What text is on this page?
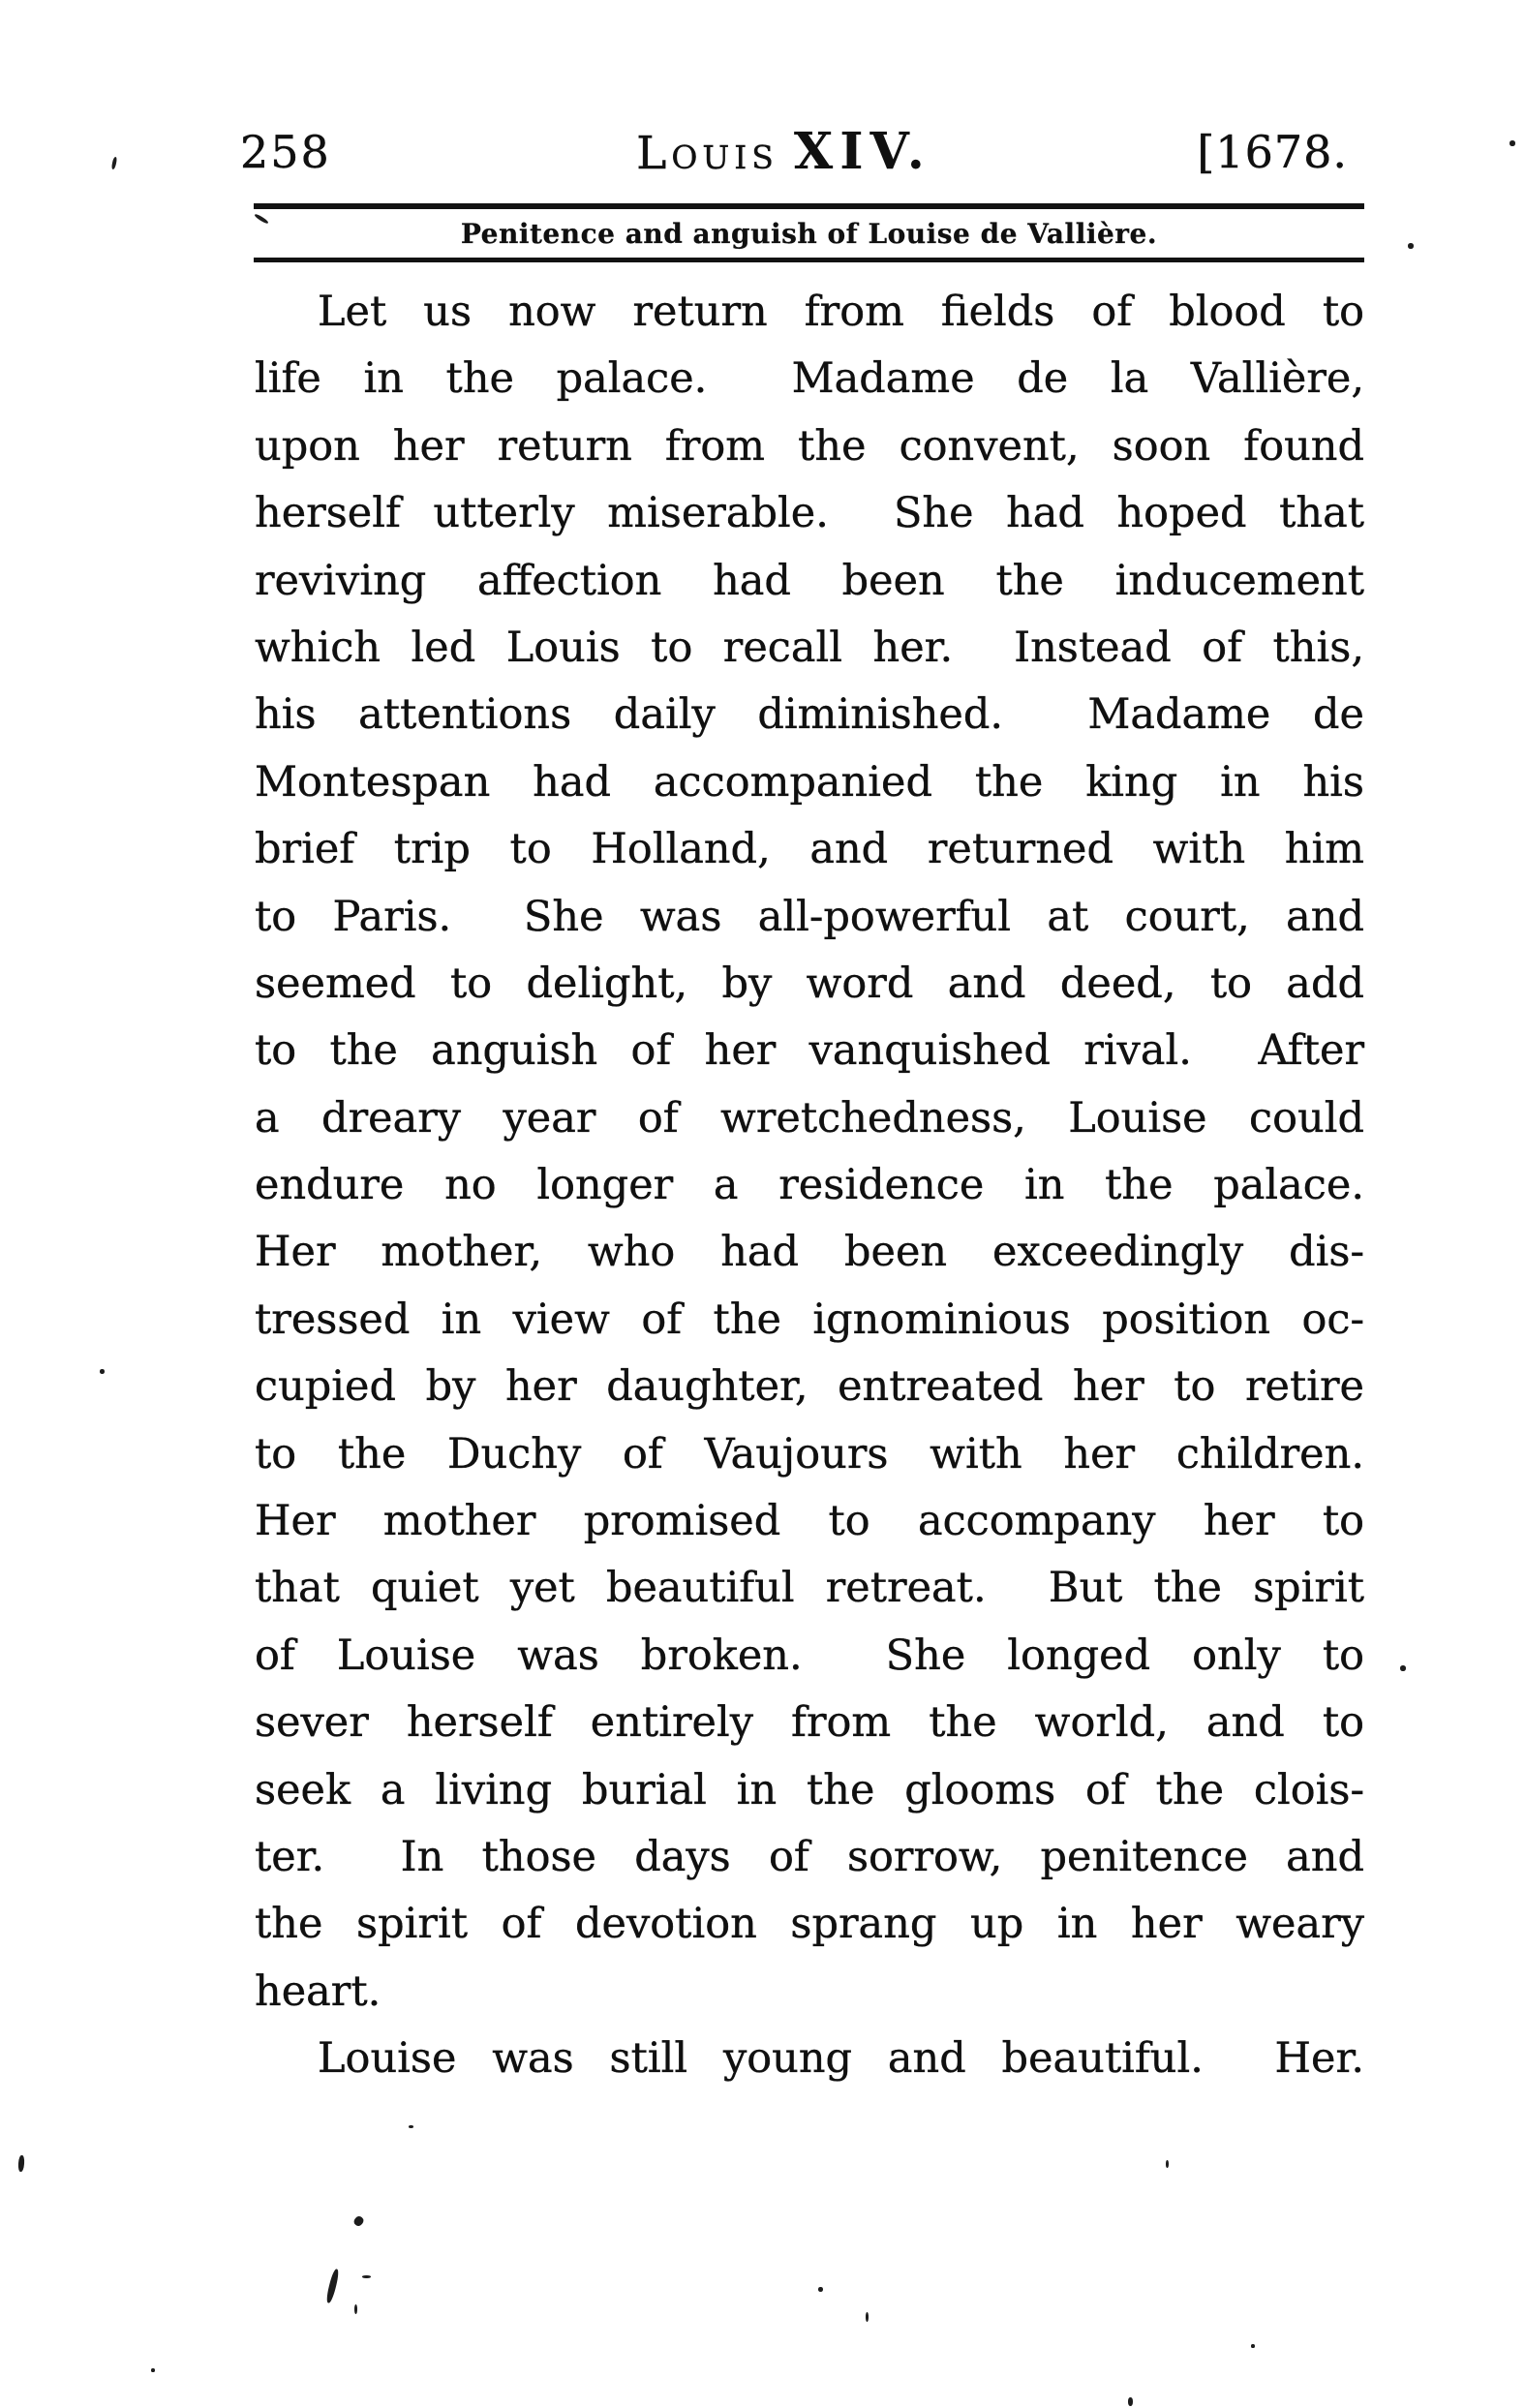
258	Louis XIV.	[1678.
Penitence and anguish of Louise de Vallière.
Let us now return from fields of blood to
life in the palace.  Madame de la Vallière,
upon her return from the convent, soon found
herself utterly miserable.  She had hoped that
reviving affection had been the inducement
which led Louis to recall her.  Instead of this,
his attentions daily diminished.  Madame de
Montespan had accompanied the king in his
brief trip to Holland, and returned with him
to Paris.  She was all-powerful at court, and
seemed to delight, by word and deed, to add
to the anguish of her vanquished rival.  After
a dreary year of wretchedness, Louise could
endure no longer a residence in the palace.
Her mother, who had been exceedingly dis-
tressed in view of the ignominious position oc-
cupied by her daughter, entreated her to retire
to the Duchy of Vaujours with her children.
Her mother promised to accompany her to
that quiet yet beautiful retreat.  But the spirit
of Louise was broken.  She longed only to
sever herself entirely from the world, and to
seek a living burial in the glooms of the clois-
ter.  In those days of sorrow, penitence and
the spirit of devotion sprang up in her weary
heart.
Louise was still young and beautiful.  Her.
